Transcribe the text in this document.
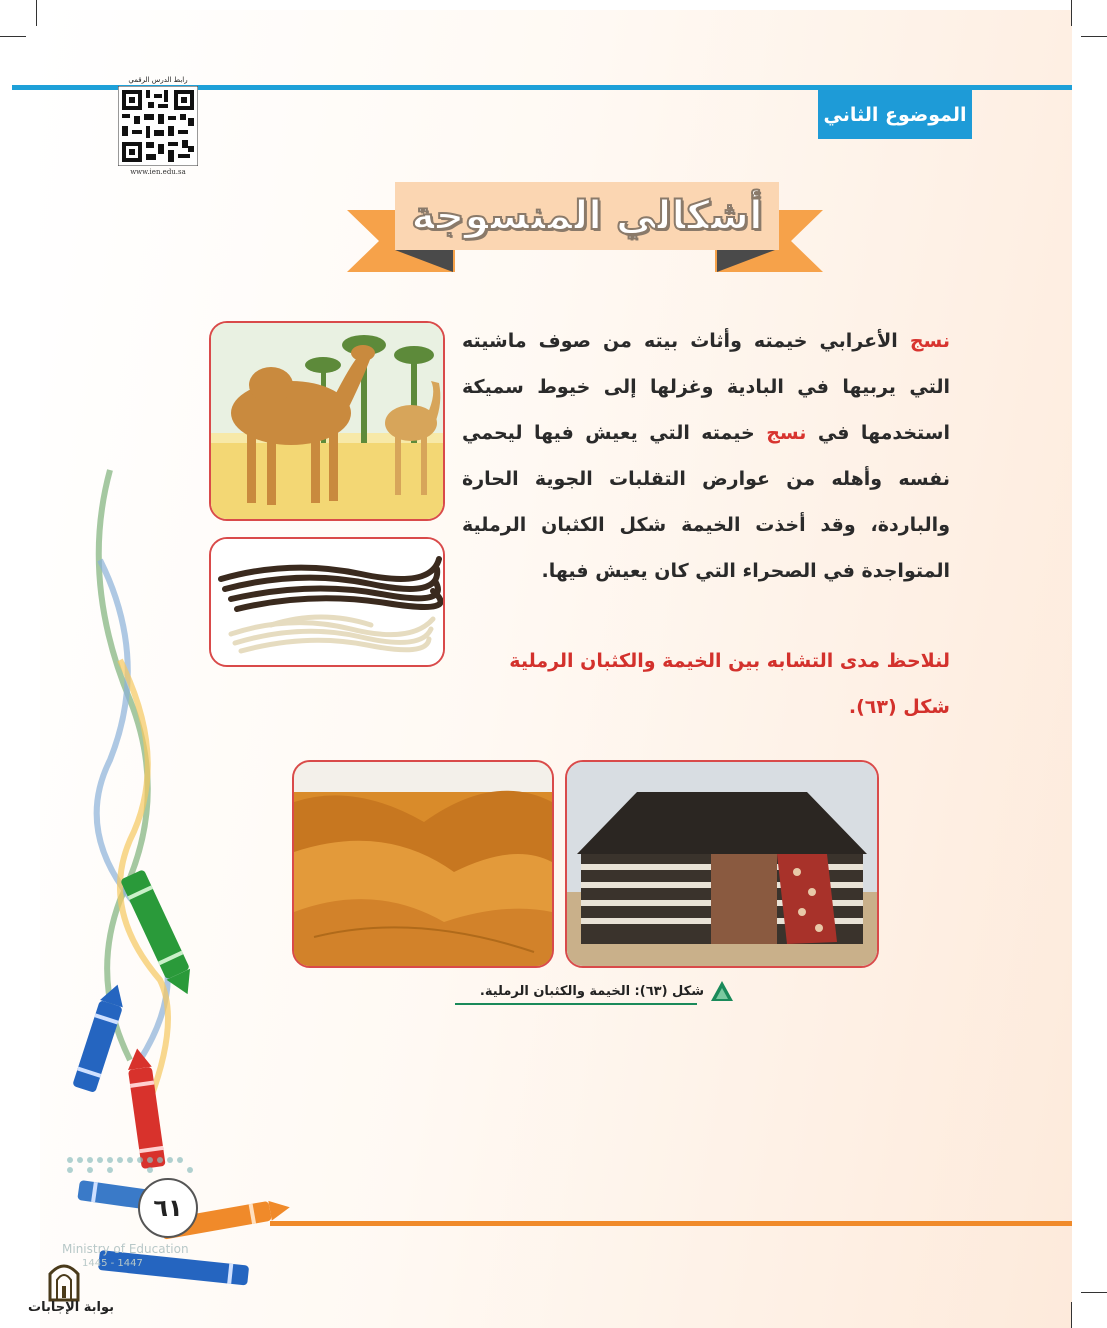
الموضوع الثاني
رابط الدرس الرقمي
www.ien.edu.sa
أشكالي المنسوجة
نسج الأعرابي خيمته وأثاث بيته من صوف ماشيته التي يربيها في البادية وغزلها إلى خيوط سميكة استخدمها في نسج خيمته التي يعيش فيها ليحمي نفسه وأهله من عوارض التقلبات الجوية الحارة والباردة، وقد أخذت الخيمة شكل الكثبان الرملية المتواجدة في الصحراء التي كان يعيش فيها.
لنلاحظ مدى التشابه بين الخيمة والكثبان الرملية شكل (٦٣).
شكل (٦٣): الخيمة والكثبان الرملية.
٦١
Ministry of Education
1445 - 1447
بوابة الإجابات
